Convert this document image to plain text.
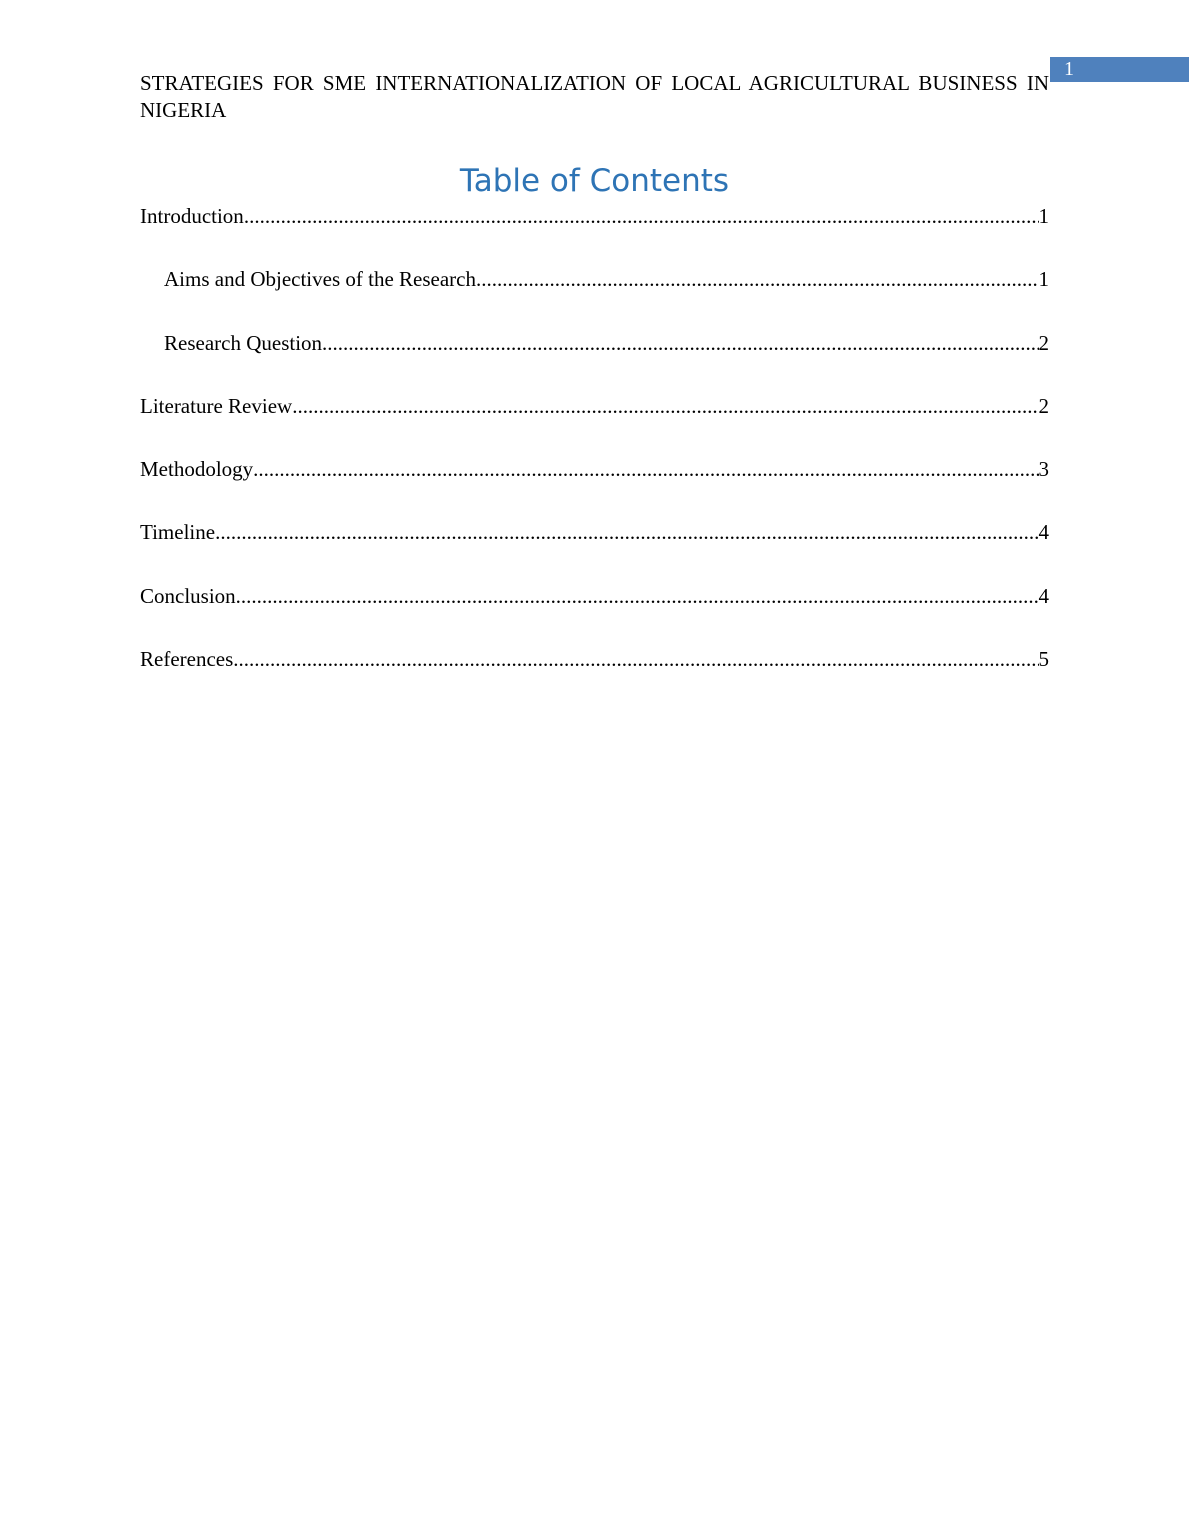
1
STRATEGIES FOR SME INTERNATIONALIZATION OF LOCAL AGRICULTURAL BUSINESS IN NIGERIA
Table of Contents
Introduction .....	1
Aims and Objectives of the Research .....	1
Research Question .....	2
Literature Review .....	2
Methodology .....	3
Timeline .....	4
Conclusion .....	4
References .....	5
